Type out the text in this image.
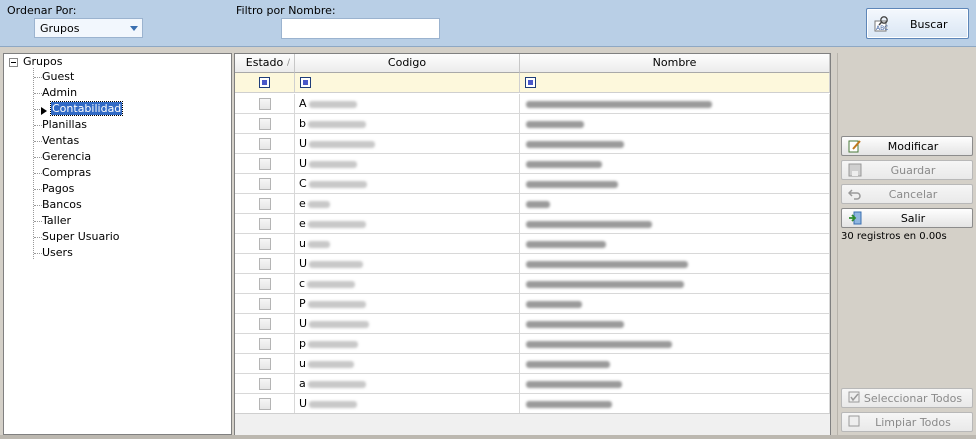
Ordenar Por:
Grupos
Filtro por Nombre:
ABC Buscar
Grupos
Guest
Admin
Contabilidad
Planillas
Ventas
Gerencia
Compras
Pagos
Bancos
Taller
Super Usuario
Users
Estado /	Codigo	Nombre
A
b
U
U
C
e
e
u
U
c
P
U
p
u
a
U
Modificar
Guardar
Cancelar
Salir
30 registros en 0.00s
Seleccionar Todos
Limpiar Todos
